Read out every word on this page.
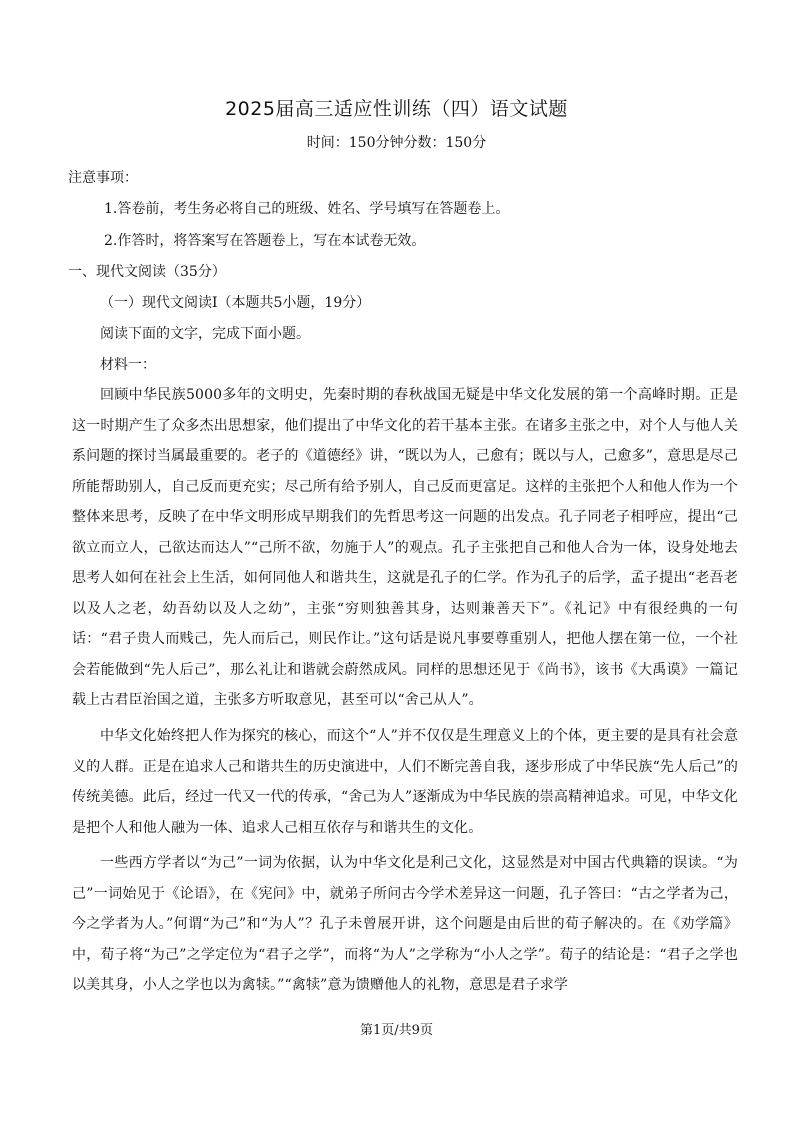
2025届高三适应性训练（四）语文试题
时间：150分钟分数：150分
注意事项：
1.答卷前，考生务必将自己的班级、姓名、学号填写在答题卷上。
2.作答时，将答案写在答题卷上，写在本试卷无效。
一、现代文阅读（35分）
（一）现代文阅读Ⅰ（本题共5小题，19分）
阅读下面的文字，完成下面小题。
材料一：
回顾中华民族5000多年的文明史，先秦时期的春秋战国无疑是中华文化发展的第一个高峰时期。正是这一时期产生了众多杰出思想家，他们提出了中华文化的若干基本主张。在诸多主张之中，对个人与他人关系问题的探讨当属最重要的。老子的《道德经》讲，“既以为人，己愈有；既以与人，己愈多”，意思是尽己所能帮助别人，自己反而更充实；尽己所有给予别人，自己反而更富足。这样的主张把个人和他人作为一个整体来思考，反映了在中华文明形成早期我们的先哲思考这一问题的出发点。孔子同老子相呼应，提出“己欲立而立人，己欲达而达人”“己所不欲，勿施于人”的观点。孔子主张把自己和他人合为一体，设身处地去思考人如何在社会上生活，如何同他人和谐共生，这就是孔子的仁学。作为孔子的后学，孟子提出“老吾老以及人之老，幼吾幼以及人之幼”，主张“穷则独善其身，达则兼善天下”。《礼记》中有很经典的一句话：“君子贵人而贱己，先人而后己，则民作让。”这句话是说凡事要尊重别人，把他人摆在第一位，一个社会若能做到“先人后己”，那么礼让和谐就会蔚然成风。同样的思想还见于《尚书》，该书《大禹谟》一篇记载上古君臣治国之道，主张多方听取意见，甚至可以“舍己从人”。
中华文化始终把人作为探究的核心，而这个“人”并不仅仅是生理意义上的个体，更主要的是具有社会意义的人群。正是在追求人己和谐共生的历史演进中，人们不断完善自我，逐步形成了中华民族“先人后己”的传统美德。此后，经过一代又一代的传承，“舍己为人”逐渐成为中华民族的崇高精神追求。可见，中华文化是把个人和他人融为一体、追求人己相互依存与和谐共生的文化。
一些西方学者以“为己”一词为依据，认为中华文化是利己文化，这显然是对中国古代典籍的误读。“为己”一词始见于《论语》，在《宪问》中，就弟子所问古今学术差异这一问题，孔子答曰：“古之学者为己，今之学者为人。”何谓“为己”和“为人”？孔子未曾展开讲，这个问题是由后世的荀子解决的。在《劝学篇》中，荀子将“为己”之学定位为“君子之学”，而将“为人”之学称为“小人之学”。荀子的结论是：“君子之学也以美其身，小人之学也以为禽犊。”“禽犊”意为馈赠他人的礼物，意思是君子求学
第1页/共9页
